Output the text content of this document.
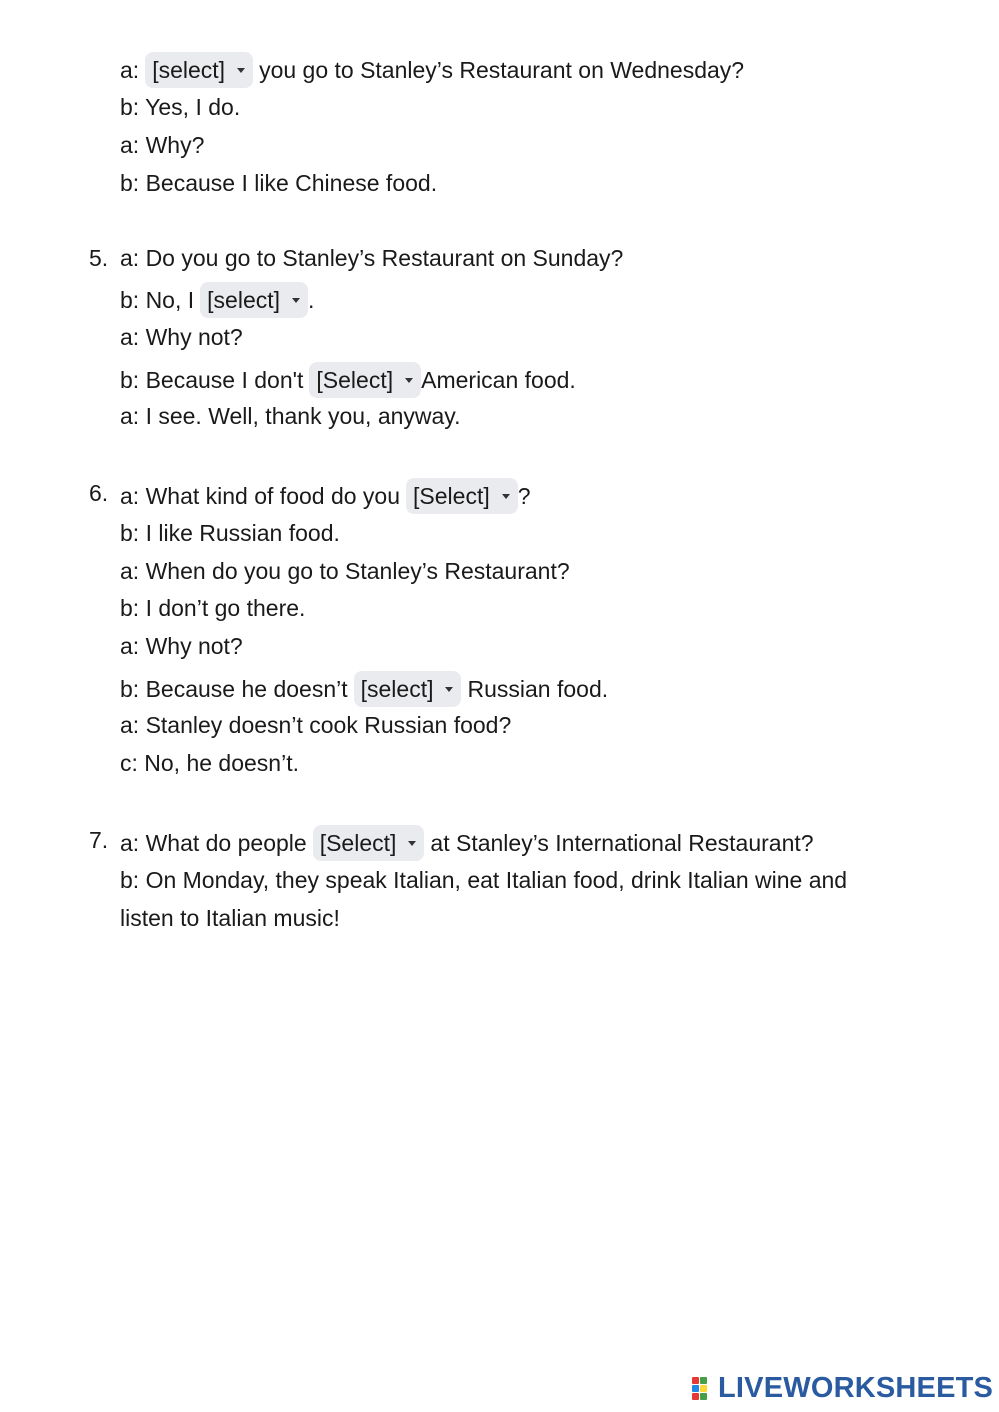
a: [select] you go to Stanley’s Restaurant on Wednesday?
b: Yes, I do.
a: Why?
b: Because I like Chinese food.
5. a: Do you go to Stanley’s Restaurant on Sunday?
b: No, I [select] .
a: Why not?
b: Because I don't [Select] American food.
a: I see. Well, thank you, anyway.
6. a: What kind of food do you [Select] ?
b: I like Russian food.
a: When do you go to Stanley’s Restaurant?
b: I don’t go there.
a: Why not?
b: Because he doesn’t [select] Russian food.
a: Stanley doesn’t cook Russian food?
c: No, he doesn’t.
7. a: What do people [Select] at Stanley’s International Restaurant?
b: On Monday, they speak Italian, eat Italian food, drink Italian wine and
listen to Italian music!
LIVEWORKSHEETS
